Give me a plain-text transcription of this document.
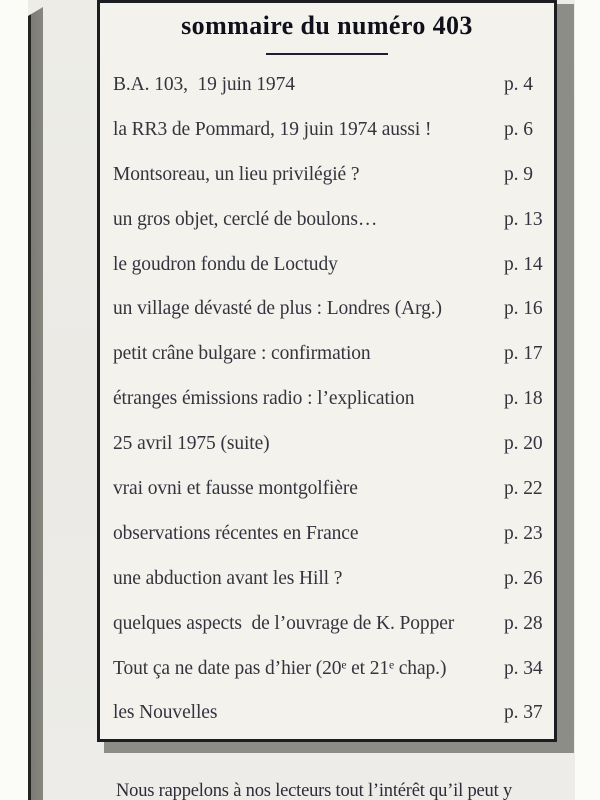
sommaire du numéro 403
B.A. 103,  19 juin 1974	p. 4
la RR3 de Pommard, 19 juin 1974 aussi !	p. 6
Montsoreau, un lieu privilégié ?	p. 9
un gros objet, cerclé de boulons…	p. 13
le goudron fondu de Loctudy	p. 14
un village dévasté de plus : Londres (Arg.)	p. 16
petit crâne bulgare : confirmation	p. 17
étranges émissions radio : l’explication	p. 18
25 avril 1975 (suite)	p. 20
vrai ovni et fausse montgolfière	p. 22
observations récentes en France	p. 23
une abduction avant les Hill ?	p. 26
quelques aspects  de l’ouvrage de K. Popper	p. 28
Tout ça ne date pas d’hier (20ᵉ et 21ᵉ chap.)	p. 34
les Nouvelles	p. 37
Nous rappelons à nos lecteurs tout l’intérêt qu’il peut y
